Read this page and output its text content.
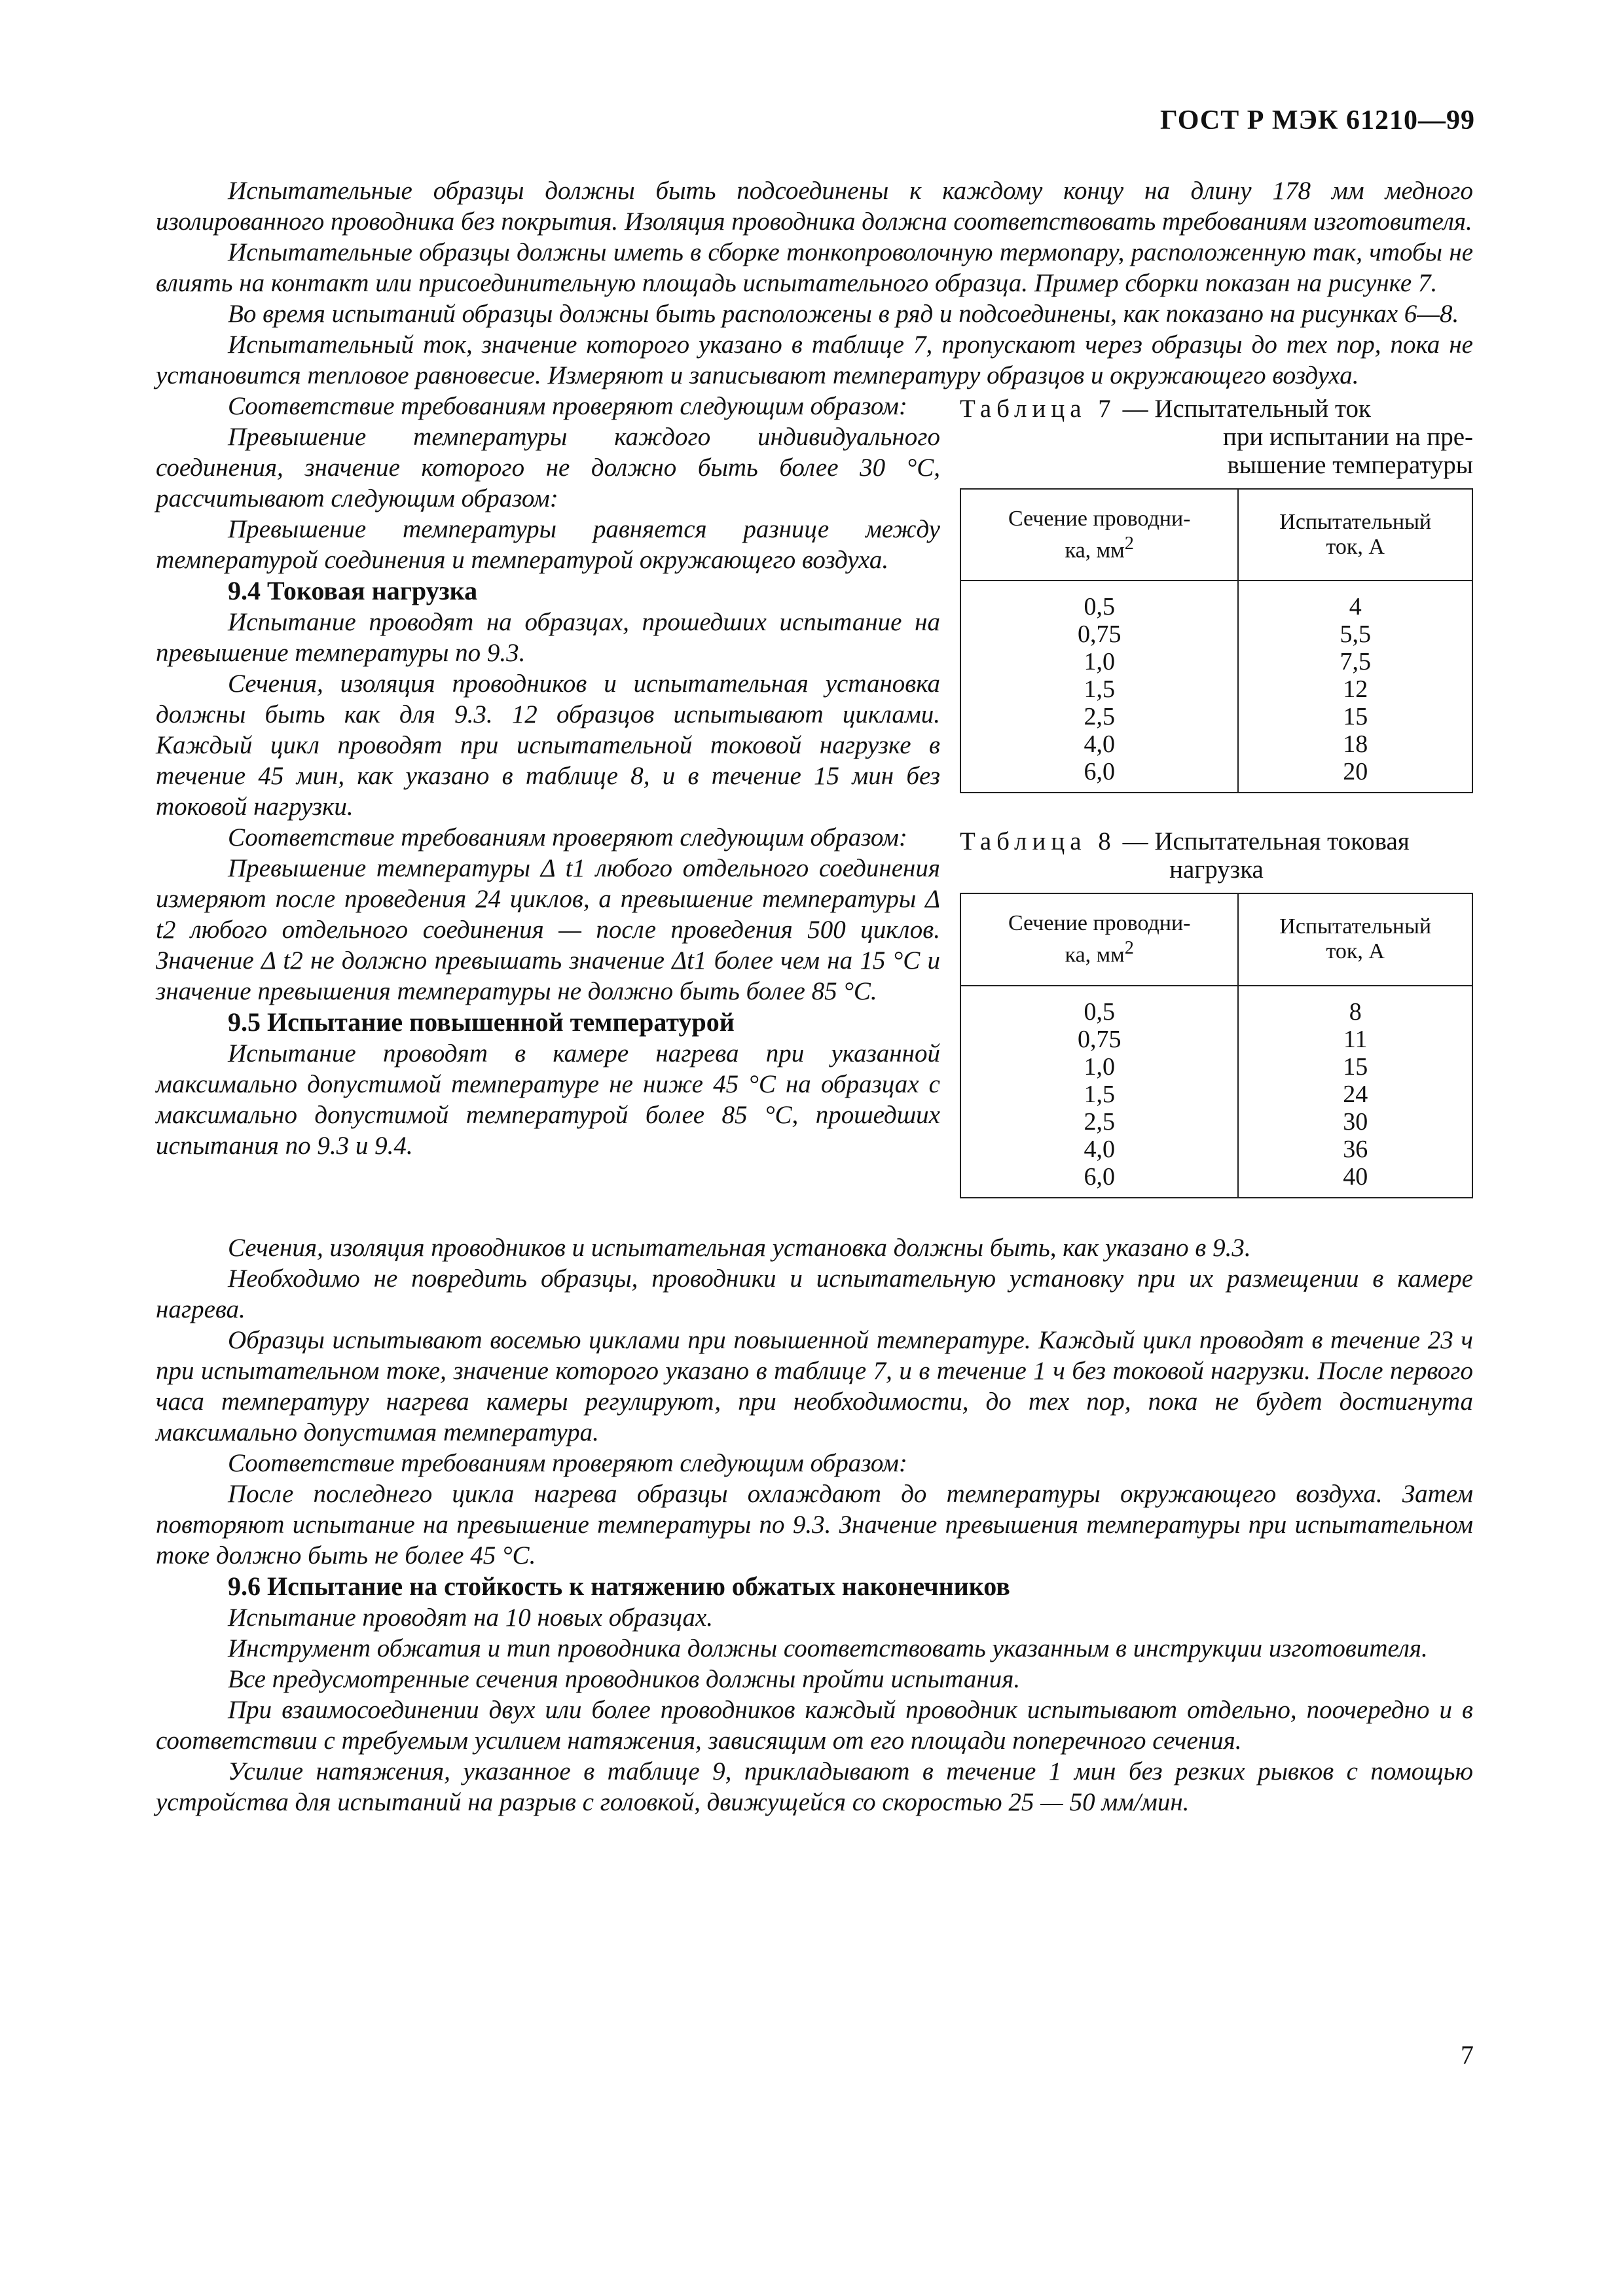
ГОСТ Р МЭК 61210—99

Испытательные образцы должны быть подсоединены к каждому концу на длину 178 мм медного изолированного проводника без покрытия. Изоляция проводника должна соответствовать требованиям изготовителя.

Испытательные образцы должны иметь в сборке тонкопроволочную термопару, расположенную так, чтобы не влиять на контакт или присоединительную площадь испытательного образца. Пример сборки показан на рисунке 7.

Во время испытаний образцы должны быть расположены в ряд и подсоединены, как показано на рисунках 6—8.

Испытательный ток, значение которого указано в таблице 7, пропускают через образцы до тех пор, пока не установится тепловое равновесие. Измеряют и записывают температуру образцов и окружающего воздуха.

Таблица 7 — Испытательный ток
при испытании на пре-
вышение температуры
Сечение проводни-
ка, $мм^2$	Испытательный
ток, А
0,5	4
0,75	5,5
1,0	7,5
1,5	12
2,5	15
4,0	18
6,0	20
Таблица 8 — Испытательная токовая
нагрузка
Сечение проводни-
ка, $мм^2$	Испытательный
ток, А
0,5	8
0,75	11
1,0	15
1,5	24
2,5	30
4,0	36
6,0	40

Соответствие требованиям проверяют следующим образом:

Превышение температуры каждого индивидуального соединения, значение которого не должно быть более 30 °С, рассчитывают следующим образом:

Превышение температуры равняется разнице между температурой соединения и температурой окружающего воздуха.

9.4 Токовая нагрузка

Испытание проводят на образцах, прошедших испытание на превышение температуры по 9.3.

Сечения, изоляция проводников и испытательная установка должны быть как для 9.3. 12 образцов испытывают циклами. Каждый цикл проводят при испытательной токовой нагрузке в течение 45 мин, как указано в таблице 8, и в течение 15 мин без токовой нагрузки.

Соответствие требованиям проверяют следующим образом:

Превышение температуры Δ t1 любого отдельного соединения измеряют после проведения 24 циклов, а превышение температуры Δ t2 любого отдельного соединения — после проведения 500 циклов. Значение Δ t2 не должно превышать значение Δt1 более чем на 15 °С и значение превышения температуры не должно быть более 85 °С.

9.5 Испытание повышенной температурой

Испытание проводят в камере нагрева при указанной максимально допустимой температуре не ниже 45 °С на образцах с максимально допустимой температурой более 85 °С, прошедших испытания по 9.3 и 9.4.

Сечения, изоляция проводников и испытательная установка должны быть, как указано в 9.3.

Необходимо не повредить образцы, проводники и испытательную установку при их размещении в камере нагрева.

Образцы испытывают восемью циклами при повышенной температуре. Каждый цикл проводят в течение 23 ч при испытательном токе, значение которого указано в таблице 7, и в течение 1 ч без токовой нагрузки. После первого часа температуру нагрева камеры регулируют, при необходимости, до тех пор, пока не будет достигнута максимально допустимая температура.

Соответствие требованиям проверяют следующим образом:

После последнего цикла нагрева образцы охлаждают до температуры окружающего воздуха. Затем повторяют испытание на превышение температуры по 9.3. Значение превышения температуры при испытательном токе должно быть не более 45 °С.

9.6 Испытание на стойкость к натяжению обжатых наконечников

Испытание проводят на 10 новых образцах.

Инструмент обжатия и тип проводника должны соответствовать указанным в инструкции изготовителя.

Все предусмотренные сечения проводников должны пройти испытания.

При взаимосоединении двух или более проводников каждый проводник испытывают отдельно, поочередно и в соответствии с требуемым усилием натяжения, зависящим от его площади поперечного сечения.

Усилие натяжения, указанное в таблице 9, прикладывают в течение 1 мин без резких рывков с помощью устройства для испытаний на разрыв с головкой, движущейся со скоростью 25 — 50 мм/мин.

7
